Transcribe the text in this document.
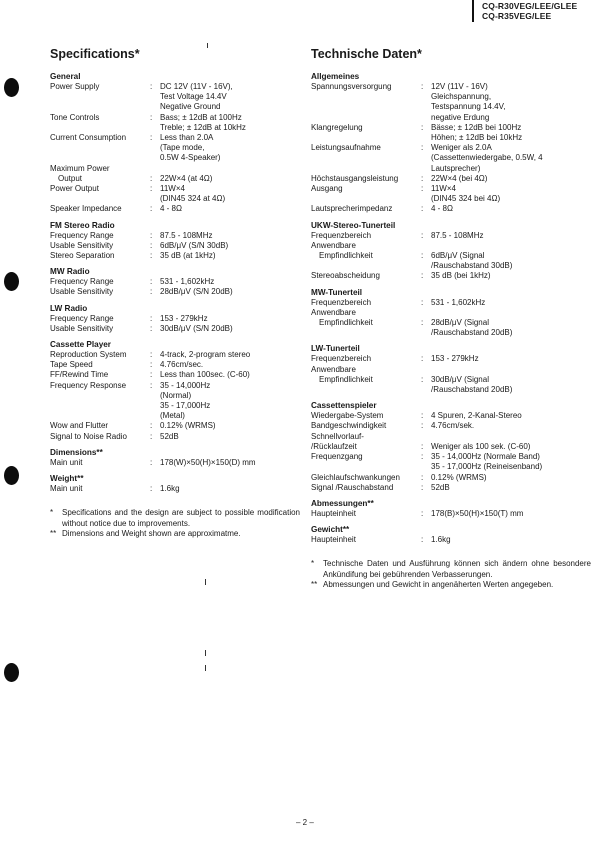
CQ-R30VEG/LEE/GLEE
CQ-R35VEG/LEE
Specifications*
General
Power Supply	: DC 12V (11V - 16V),
Test Voltage 14.4V
Negative Ground
Tone Controls	: Bass; ± 12dB at 100Hz
Treble; ± 12dB at 10kHz
Current Consumption	: Less than 2.0A
(Tape mode,
0.5W 4-Speaker)
Maximum Power
Output	: 22W×4 (at 4Ω)
Power Output	: 11W×4
(DIN45 324 at 4Ω)
Speaker Impedance	: 4 - 8Ω
FM Stereo Radio
Frequency Range	: 87.5 - 108MHz
Usable Sensitivity	: 6dB/μV (S/N 30dB)
Stereo Separation	: 35 dB (at 1kHz)
MW Radio
Frequency Range	: 531 - 1,602kHz
Usable Sensitivity	: 28dB/μV (S/N 20dB)
LW Radio
Frequency Range	: 153 - 279kHz
Usable Sensitivity	: 30dB/μV (S/N 20dB)
Cassette Player
Reproduction System	: 4-track, 2-program stereo
Tape Speed	: 4.76cm/sec.
FF/Rewind Time	: Less than 100sec. (C-60)
Frequency Response	: 35 - 14,000Hz
(Normal)
35 - 17,000Hz
(Metal)
Wow and Flutter	: 0.12% (WRMS)
Signal to Noise Radio	: 52dB
Dimensions**
Main unit	: 178(W)×50(H)×150(D) mm
Weight**
Main unit	: 1.6kg
*	Specifications and the design are subject to possible modification without notice due to improvements.
** Dimensions and Weight shown are approximatme.
Technische Daten*
Allgemeines
Spannungsversorgung	: 12V (11V - 16V)
Gleichspannung,
Testspannung 14.4V,
negative Erdung
Klangregelung	: Bässe; ± 12dB bei 100Hz
Höhen; ± 12dB bei 10kHz
Leistungsaufnahme	: Weniger als 2.0A
(Cassettenwiedergabe, 0.5W, 4
Lautsprecher)
Höchstausgangsleistung	: 22W×4 (bei 4Ω)
Ausgang	: 11W×4
(DIN45 324 bei 4Ω)
Lautsprecherimpedanz	: 4 - 8Ω
UKW-Stereo-Tunerteil
Frequenzbereich	: 87.5 - 108MHz
Anwendbare
Empfindlichkeit	: 6dB/μV (Signal
/Rauschabstand 30dB)
Stereoabscheidung	: 35 dB (bei 1kHz)
MW-Tunerteil
Frequenzbereich	: 531 - 1,602kHz
Anwendbare
Empfindlichkeit	: 28dB/μV (Signal
/Rauschabstand 20dB)
LW-Tunerteil
Frequenzbereich	: 153 - 279kHz
Anwendbare
Empfindlichkeit	: 30dB/μV (Signal
/Rauschabstand 20dB)
Cassettenspieler
Wiedergabe-System	: 4 Spuren, 2-Kanal-Stereo
Bandgeschwindigkeit	: 4.76cm/sek.
Schnellvorlauf-
/Rücklaufzeit	: Weniger als 100 sek. (C-60)
Frequenzgang	: 35 - 14,000Hz (Normale Band)
35 - 17,000Hz (Reineisenband)
Gleichlaufschwankungen	: 0.12% (WRMS)
Signal /Rauschabstand	: 52dB
Abmessungen**
Haupteinheit	: 178(B)×50(H)×150(T) mm
Gewicht**
Haupteinheit	: 1.6kg
*	Technische Daten und Ausführung können sich ändern ohne besondere Ankündifung bei gebührenden Verbasserungen.
** Abmessungen und Gewicht in angenäherten Werten angegeben.
– 2 –
